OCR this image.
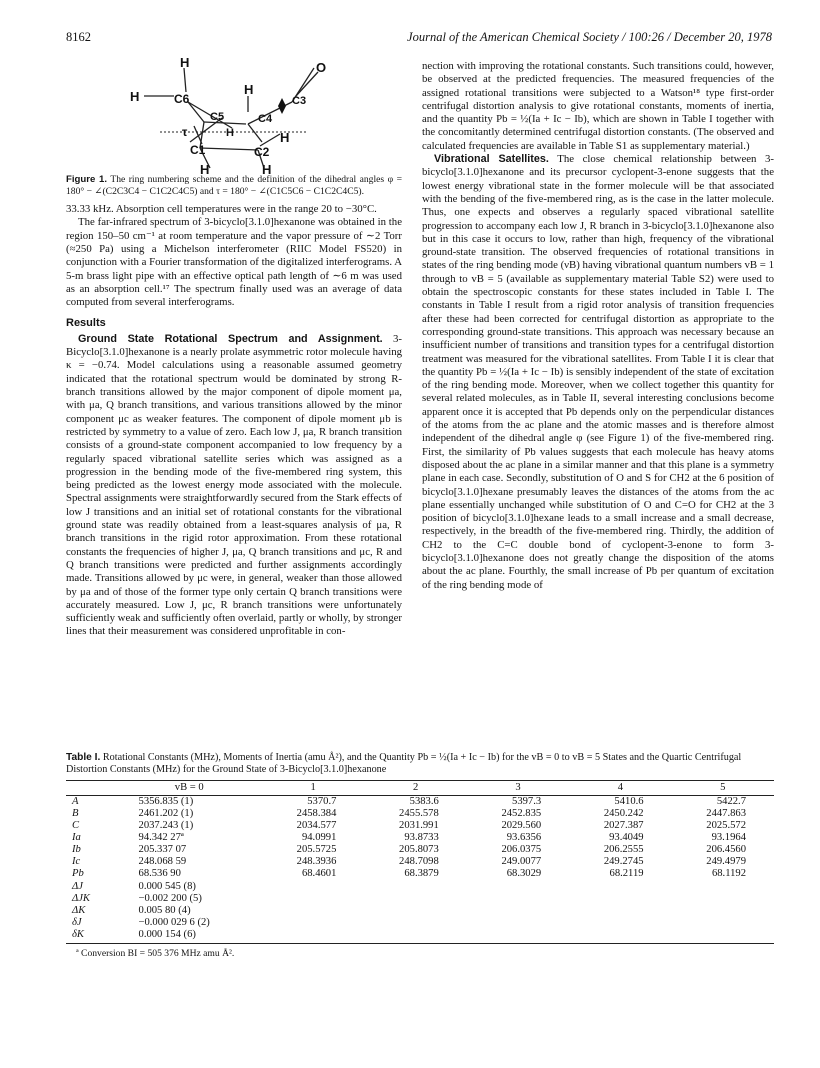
8162	Journal of the American Chemical Society / 100:26 / December 20, 1978
H
H
H	C6
O
C3
C5	C4
τ	H
C1	C2
H
H	H

Figure 1. The ring numbering scheme and the definition of the dihedral angles φ = 180° − ∠(C2C3C4 − C1C2C4C5) and τ = 180° − ∠(C1C5C6 − C1C2C4C5).

33.33 kHz. Absorption cell temperatures were in the range 20 to −30°C.

The far-infrared spectrum of 3-bicyclo[3.1.0]hexanone was obtained in the region 150–50 cm⁻¹ at room temperature and the vapor pressure of ∼2 Torr (≈250 Pa) using a Michelson interferometer (RIIC Model FS520) in conjunction with a Fourier transformation of the digitalized interferograms. A 5-m brass light pipe with an effective optical path length of ∼6 m was used as an absorption cell.¹⁷ The spectrum finally used was an average of data computed from several interferograms.

Results

Ground State Rotational Spectrum and Assignment. 3-Bicyclo[3.1.0]hexanone is a nearly prolate asymmetric rotor molecule having κ = −0.74. Model calculations using a reasonable assumed geometry indicated that the rotational spectrum would be dominated by strong R-branch transitions allowed by the major component of dipole moment μa, with μa, Q branch transitions, and various transitions allowed by the minor component μc as weaker features. The component of dipole moment μb is restricted by symmetry to a value of zero. Each low J, μa, R branch transition consists of a ground-state component accompanied to low frequency by a regularly spaced vibrational satellite series which was assigned as a progression in the bending mode of the five-membered ring system, this being predicted as the lowest energy mode associated with the molecule. Spectral assignments were straightforwardly secured from the Stark effects of low J transitions and an initial set of rotational constants for the vibrational ground state was readily obtained from a least-squares analysis of μa, R branch transitions in the rigid rotor approximation. From these rotational constants the frequencies of higher J, μa, Q branch transitions and μc, R and Q branch transitions were predicted and further assignments accordingly made. Transitions allowed by μc were, in general, weaker than those allowed by μa and of those of the former type only certain Q branch transitions were accurately measured. Low J, μc, R branch transitions were unfortunately sufficiently weak and sufficiently often overlaid, partly or wholly, by stronger lines that their measurement was considered unprofitable in con-

nection with improving the rotational constants. Such transitions could, however, be observed at the predicted frequencies. The measured frequencies of the assigned rotational transitions were subjected to a Watson¹⁸ type first-order centrifugal distortion analysis to give rotational constants, moments of inertia, and the quantity Pb = ½(Ia + Ic − Ib), which are shown in Table I together with the concomitantly determined centrifugal distortion constants. (The observed and calculated frequencies are available in Table S1 as supplementary material.)

Vibrational Satellites. The close chemical relationship between 3-bicyclo[3.1.0]hexanone and its precursor cyclopent-3-enone suggests that the lowest energy vibrational state in the former molecule will be that associated with the bending of the five-membered ring, as is the case in the latter molecule. Thus, one expects and observes a regularly spaced vibrational satellite progression to accompany each low J, R branch in 3-bicyclo[3.1.0]hexanone also but in this case it occurs to low, rather than high, frequency of the vibrational ground-state transition. The observed frequencies of rotational transitions in states of the ring bending mode (νB) having vibrational quantum numbers vB = 1 through to vB = 5 (available as supplementary material Table S2) were used to obtain the spectroscopic constants for these states included in Table I. The constants in Table I result from a rigid rotor analysis of transition frequencies after these had been corrected for centrifugal distortion as appropriate to the corresponding ground-state transitions. This approach was necessary because an insufficient number of transitions and transition types for a centrifugal distortion treatment was measured for the vibrational satellites. From Table I it is clear that the quantity Pb = ½(Ia + Ic − Ib) is sensibly independent of the state of excitation of the ring bending mode. Moreover, when we collect together this quantity for several related molecules, as in Table II, several interesting conclusions become apparent once it is accepted that Pb depends only on the perpendicular distances of the atoms from the ac plane and the atomic masses and is therefore almost independent of the dihedral angle φ (see Figure 1) of the five-membered ring. First, the similarity of Pb values suggests that each molecule has heavy atoms disposed about the ac plane in a similar manner and that this plane is a symmetry plane in each case. Secondly, substitution of O and S for CH2 at the 6 position of bicyclo[3.1.0]hexane presumably leaves the distances of the atoms from the ac plane essentially unchanged while substitution of O and C=O for CH2 at the 3 position of bicyclo[3.1.0]hexane leads to a small increase and a small decrease, respectively, in the breadth of the five-membered ring. Thirdly, the addition of CH2 to the C=C double bond of cyclopent-3-enone to form 3-bicyclo[3.1.0]hexanone does not greatly change the disposition of the atoms about the ac plane. Fourthly, the small increase of Pb per quantum of excitation of the ring bending mode of

Table I. Rotational Constants (MHz), Moments of Inertia (amu Å²), and the Quantity Pb = ½(Ia + Ic − Ib) for the vB = 0 to vB = 5 States and the Quartic Centrifugal Distortion Constants (MHz) for the Ground State of 3-Bicyclo[3.1.0]hexanone
	vB = 0	1	2	3	4	5
A	5356.835 (1)	5370.7	5383.6	5397.3	5410.6	5422.7
B	2461.202 (1)	2458.384	2455.578	2452.835	2450.242	2447.863
C	2037.243 (1)	2034.577	2031.991	2029.560	2027.387	2025.572
Ia	94.342 27ª	94.0991	93.8733	93.6356	93.4049	93.1964
Ib	205.337 07	205.5725	205.8073	206.0375	206.2555	206.4560
Ic	248.068 59	248.3936	248.7098	249.0077	249.2745	249.4979
Pb	68.536 90	68.4601	68.3879	68.3029	68.2119	68.1192
ΔJ	0.000 545 (8)					
ΔJK	−0.002 200 (5)					
ΔK	0.005 80 (4)					
δJ	−0.000 029 6 (2)					
δK	0.000 154 (6)					
ª Conversion BI = 505 376 MHz amu Å².
